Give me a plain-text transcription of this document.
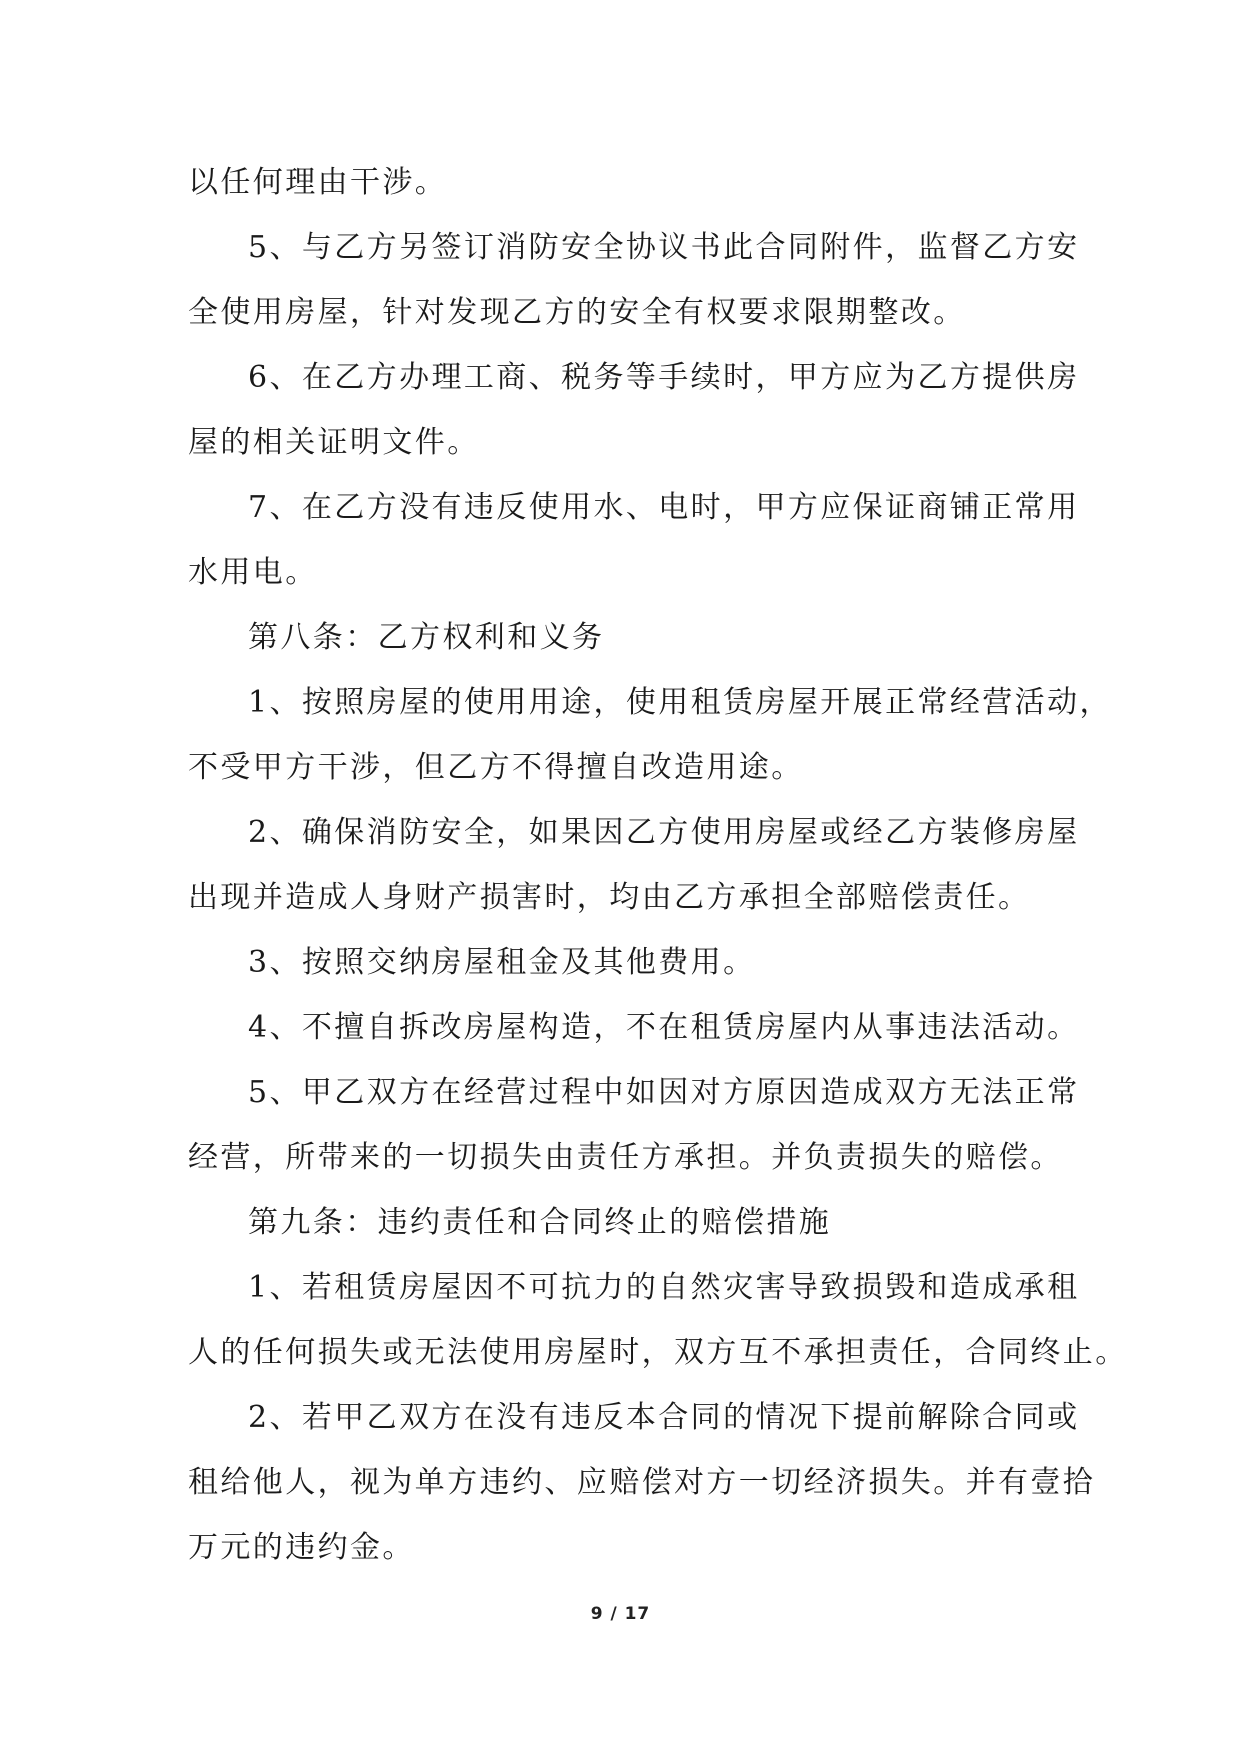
以任何理由干涉。
5、与乙方另签订消防安全协议书此合同附件，监督乙方安
全使用房屋，针对发现乙方的安全有权要求限期整改。
6、在乙方办理工商、税务等手续时，甲方应为乙方提供房
屋的相关证明文件。
7、在乙方没有违反使用水、电时，甲方应保证商铺正常用
水用电。
第八条：乙方权利和义务
1、按照房屋的使用用途，使用租赁房屋开展正常经营活动，
不受甲方干涉，但乙方不得擅自改造用途。
2、确保消防安全，如果因乙方使用房屋或经乙方装修房屋
出现并造成人身财产损害时，均由乙方承担全部赔偿责任。
3、按照交纳房屋租金及其他费用。
4、不擅自拆改房屋构造，不在租赁房屋内从事违法活动。
5、甲乙双方在经营过程中如因对方原因造成双方无法正常
经营，所带来的一切损失由责任方承担。并负责损失的赔偿。
第九条：违约责任和合同终止的赔偿措施
1、若租赁房屋因不可抗力的自然灾害导致损毁和造成承租
人的任何损失或无法使用房屋时，双方互不承担责任，合同终止。
2、若甲乙双方在没有违反本合同的情况下提前解除合同或
租给他人，视为单方违约、应赔偿对方一切经济损失。并有壹拾
万元的违约金。
9 / 17
